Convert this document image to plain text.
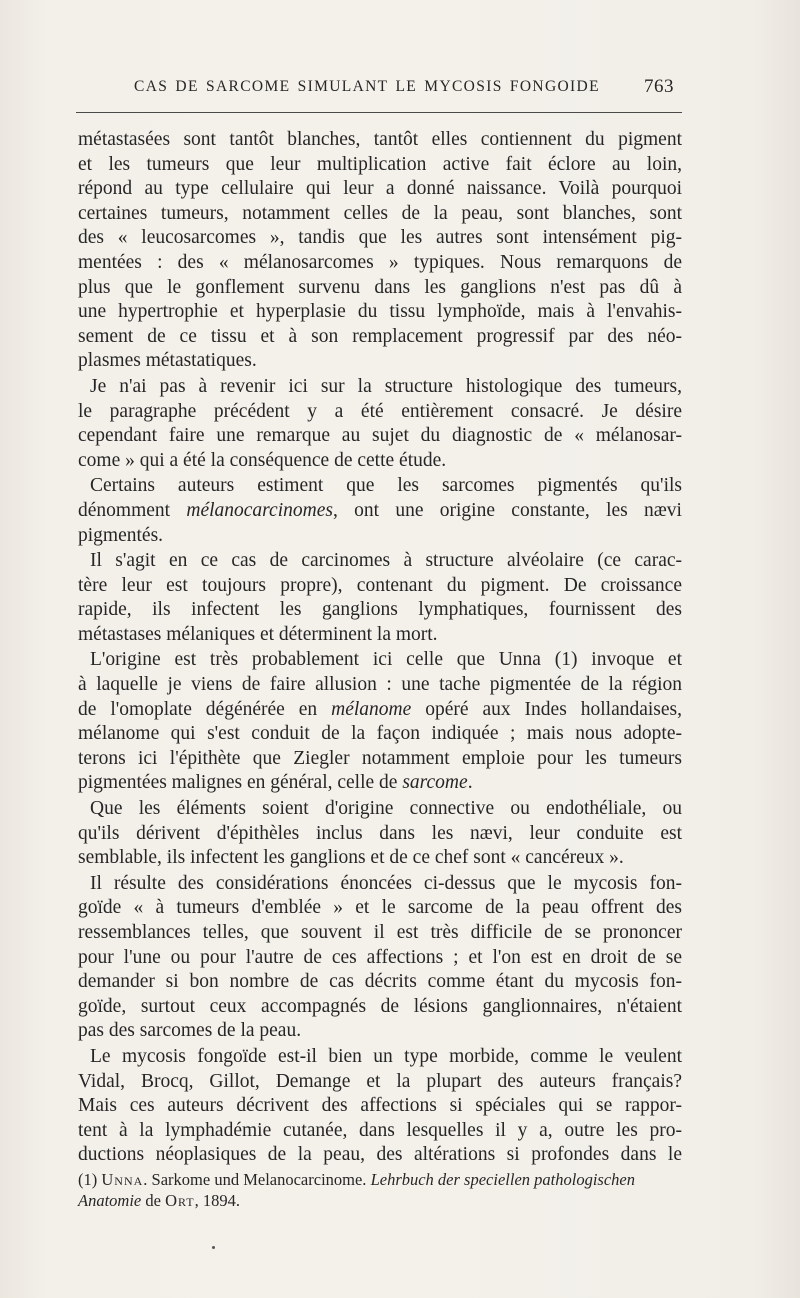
CAS DE SARCOME SIMULANT LE MYCOSIS FONGOIDE 763
métastasées sont tantôt blanches, tantôt elles contiennent du pigment
et les tumeurs que leur multiplication active fait éclore au loin,
répond au type cellulaire qui leur a donné naissance. Voilà pourquoi
certaines tumeurs, notamment celles de la peau, sont blanches, sont
des « leucosarcomes », tandis que les autres sont intensément pig-
mentées : des « mélanosarcomes » typiques. Nous remarquons de
plus que le gonflement survenu dans les ganglions n'est pas dû à
une hypertrophie et hyperplasie du tissu lymphoïde, mais à l'envahis-
sement de ce tissu et à son remplacement progressif par des néo-
plasmes métastatiques.
Je n'ai pas à revenir ici sur la structure histologique des tumeurs,
le paragraphe précédent y a été entièrement consacré. Je désire
cependant faire une remarque au sujet du diagnostic de « mélanosar-
come » qui a été la conséquence de cette étude.
Certains auteurs estiment que les sarcomes pigmentés qu'ils
dénomment mélanocarcinomes, ont une origine constante, les nævi
pigmentés.
Il s'agit en ce cas de carcinomes à structure alvéolaire (ce carac-
tère leur est toujours propre), contenant du pigment. De croissance
rapide, ils infectent les ganglions lymphatiques, fournissent des
métastases mélaniques et déterminent la mort.
L'origine est très probablement ici celle que Unna (1) invoque et
à laquelle je viens de faire allusion : une tache pigmentée de la région
de l'omoplate dégénérée en mélanome opéré aux Indes hollandaises,
mélanome qui s'est conduit de la façon indiquée ; mais nous adopte-
terons ici l'épithète que Ziegler notamment emploie pour les tumeurs
pigmentées malignes en général, celle de sarcome.
Que les éléments soient d'origine connective ou endothéliale, ou
qu'ils dérivent d'épithèles inclus dans les nævi, leur conduite est
semblable, ils infectent les ganglions et de ce chef sont « cancéreux ».
Il résulte des considérations énoncées ci-dessus que le mycosis fon-
goïde « à tumeurs d'emblée » et le sarcome de la peau offrent des
ressemblances telles, que souvent il est très difficile de se prononcer
pour l'une ou pour l'autre de ces affections ; et l'on est en droit de se
demander si bon nombre de cas décrits comme étant du mycosis fon-
goïde, surtout ceux accompagnés de lésions ganglionnaires, n'étaient
pas des sarcomes de la peau.
Le mycosis fongoïde est-il bien un type morbide, comme le veulent
Vidal, Brocq, Gillot, Demange et la plupart des auteurs français?
Mais ces auteurs décrivent des affections si spéciales qui se rappor-
tent à la lymphadémie cutanée, dans lesquelles il y a, outre les pro-
ductions néoplasiques de la peau, des altérations si profondes dans le
(1) Unna. Sarkome und Melanocarcinome. Lehrbuch der speciellen pathologischen
Anatomie de Ort, 1894.
